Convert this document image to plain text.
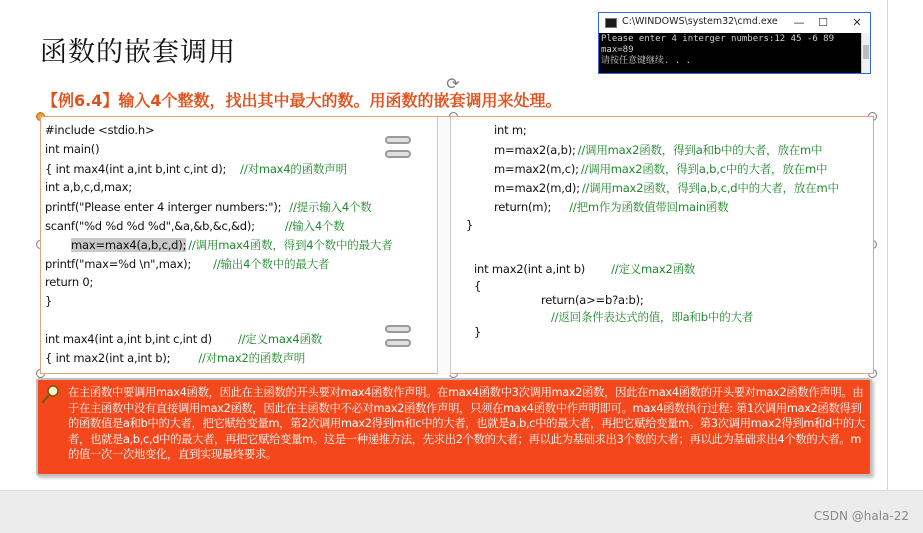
函数的嵌套调用
【例6.4】输入4个整数，找出其中最大的数。用函数的嵌套调用来处理。
C:\WINDOWS\system32\cmd.exe	—	☐	✕
Please enter 4 interger numbers:12 45 -6 89
max=89
请按任意键继续. . .
⟳
#include <stdio.h>
int main()
{ int max4(int a,int b,int c,int d); //对max4的函数声明
int a,b,c,d,max;
printf("Please enter 4 interger numbers:"); //提示输入4个数
scanf("%d %d %d %d",&a,&b,&c,&d);	//输入4个数
max=max4(a,b,c,d); //调用max4函数，得到4个数中的最大者
printf("max=%d \n",max); //输出4个数中的最大者
return 0;
}
int max4(int a,int b,int c,int d) //定义max4函数
{ int max2(int a,int b); //对max2的函数声明
int m;
m=max2(a,b); //调用max2函数，得到a和b中的大者，放在m中
m=max2(m,c); //调用max2函数，得到a,b,c中的大者，放在m中
m=max2(m,d); //调用max2函数，得到a,b,c,d中的大者，放在m中
return(m); //把m作为函数值带回main函数
}
int max2(int a,int b) //定义max2函数
{
return(a>=b?a:b);
//返回条件表达式的值，即a和b中的大者
}
在主函数中要调用max4函数，因此在主函数的开头要对max4函数作声明。在max4函数中3次调用max2函数，因此在max4函数的开头要对max2函数作声明。由于在主函数中没有直接调用max2函数，因此在主函数中不必对max2函数作声明，只须在max4函数中作声明即可。max4函数执行过程: 第1次调用max2函数得到的函数值是a和b中的大者，把它赋给变量m，第2次调用max2得到m和c中的大者，也就是a,b,c中的最大者，再把它赋给变量m。第3次调用max2得到m和d中的大者，也就是a,b,c,d中的最大者，再把它赋给变量m。这是一种递推方法，先求出2个数的大者；再以此为基础求出3个数的大者；再以此为基础求出4个数的大者。m的值一次一次地变化，直到实现最终要求。
CSDN @hala-22
